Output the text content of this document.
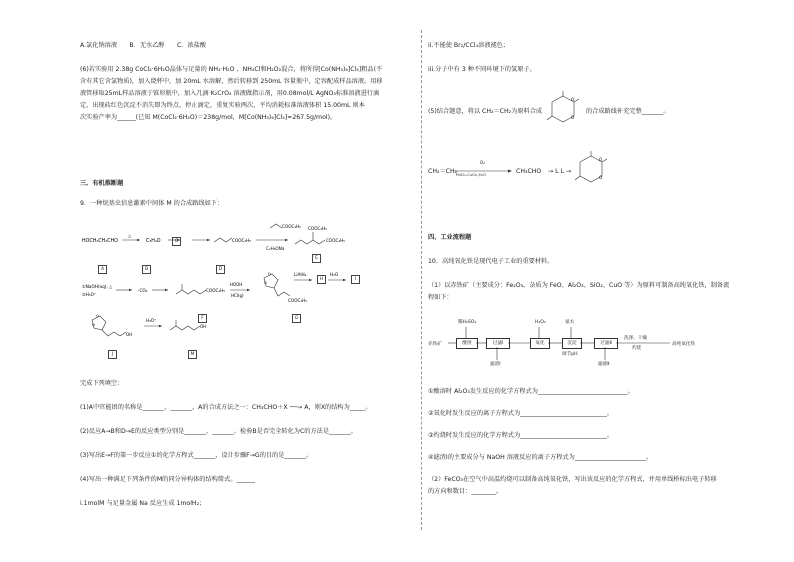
A.氯化钠溶液　　B．无水乙醇　　C．浓盐酸
(6)若实验用 2.38g CoCl₂·6H₂O晶体与足量的 NH₃·H₂O 、NH₄Cl和H₂O₂混合，将所得[Co(NH₃)₆]Cl₃]粗品(不
含有其它含氯物质)，加入烧杯中，加 20mL 水溶解，然后转移到 250mL 容量瓶中，定容配成样品溶液。用移
液管移取25mL样品溶液于锥形瓶中，加入几滴 K₂CrO₄ 溶液做指示剂，用0.08mol/L AgNO₃标准溶液进行滴
定，出现砖红色沉淀不消失即为终点，停止滴定，重复实验两次，平均消耗标准溶液体积 15.00mL 则本
次实验产率为______(已知 M(CoCl₂·6H₂O)＝238g/mol，M[Co(NH₃)₆]Cl₃]=267.5g/mol)。
三、有机推断题
9．一种烷基虫信息激素中间体 M 的合成路线如下：
HOCH₂CH₂CHO
△
C₃H₄O	COOC₂H₅
COOC₂H₅
C₂H₅ONa
COOC₂H₅
COOC₂H₅
①NaOH(aq), △
②H₃O⁺
-CO₂	COOC₂H₅
HO⁠OH
HCl(g)
O
O
COOC₂H₅
LiAlH₄	H₂O
O
O
OH
H₃O⁺
OH
A	B
C
D
E
F	G
H	I
J	M
完成下列填空：
(1)A中官能团的名称是_______、_______，A的合成方法之一：CH₃CHO＋X ──→ A，则X的结构为_____。
(2)反应A→B和D→E的反应类型分别是_______、_______。检验B是否完全转化为C的方法是_______。
(3)写出E→F的第一步反应①的化学方程式_______，设计步骤F→G的目的是_______。
(4)写出一种满足下列条件的M的同分异构体的结构简式。______
i.1molM 与足量金属 Na 反应生成 1molH₂；
ii.不能使 Br₂/CCl₄溶液褪色；
iii.分子中有 3 种不同环境下的氢原子。
(5)结合题意，将以 CH₂＝CH₂为原料合成
O
O
的合成路线补充完整_______。
CH₂＝CH₂
O₂
PdCl₂-CuCl₂,H₂O	CH₃CHO → L L →
O
O
四、工业流程题
10．高纯氧化铁是现代电子工业的重要材料。
（1）以赤铁矿（主要成分：Fe₂O₃，杂质为 FeO、Al₂O₃、SiO₂、CuO 等）为原料可制备高纯氧化铁，制备流
程如下：
稀H₂SO₄	H₂O₂	氨水
赤铁矿	酸溶	过滤Ⅰ	氧化	沉淀	过滤Ⅱ
洗涤、干燥
灼烧
高纯氧化铁
滤渣Ⅰ
调节pH
滤液Ⅱ
①酸溶时 Al₂O₃发生反应的化学方程式为_____________________________。
②氧化时发生反应的离子方程式为____________________________。
③灼烧时发生反应的化学方程式为____________________________。
④滤渣Ⅰ的主要成分与 NaOH 溶液反应的离子方程式为_______________________。
（2）FeCO₃在空气中高温灼烧可以制备高纯氧化铁，写出该反应的化学方程式，并用单线桥标出电子转移
的方向和数目：________。
